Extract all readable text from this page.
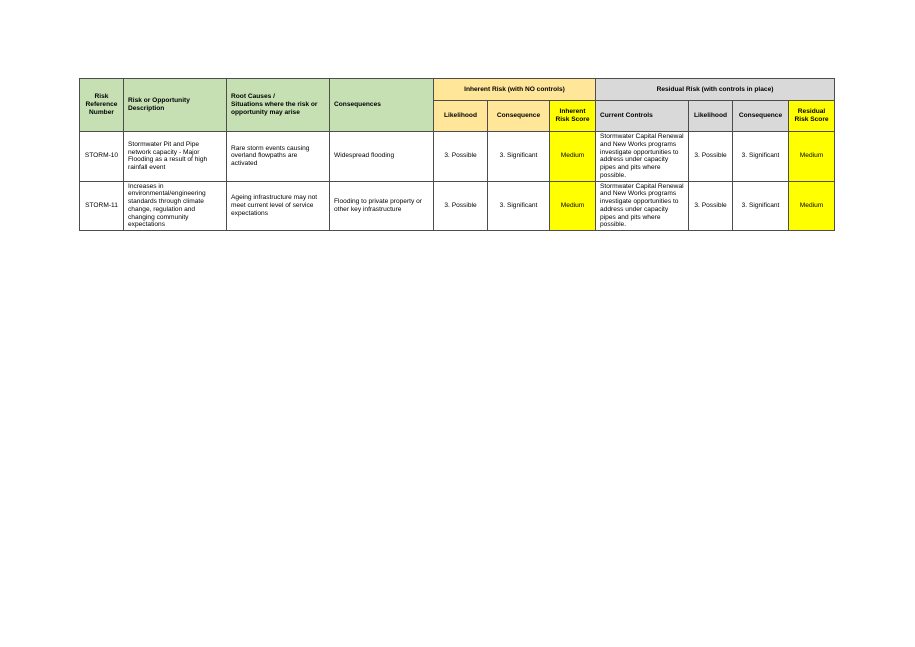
Risk Reference Number	Risk or Opportunity Description	Root Causes /
Situations where the risk or opportunity may arise	Consequences	Inherent Risk (with NO controls)			Residual Risk (with controls in place)			
				Likelihood	Consequence	Inherent Risk Score	Current Controls	Likelihood	Consequence	Residual Risk Score
STORM-10	Stormwater Pit and Pipe network capacity - Major Flooding as a result of high rainfall event	Rare storm events causing overland flowpaths are activated	Widespread flooding	3. Possible	3. Significant	Medium	Stormwater Capital Renewal and New Works programs investigate opportunities to address under capacity pipes and pits where possible.	3. Possible	3. Significant	Medium
STORM-11	Increases in environmental/engineering standards through climate change, regulation and changing community expectations	Ageing infrastructure may not meet current level of service expectations	Flooding to private property or other key infrastructure	3. Possible	3. Significant	Medium	Stormwater Capital Renewal and New Works programs investigate opportunities to address under capacity pipes and pits where possible.	3. Possible	3. Significant	Medium
